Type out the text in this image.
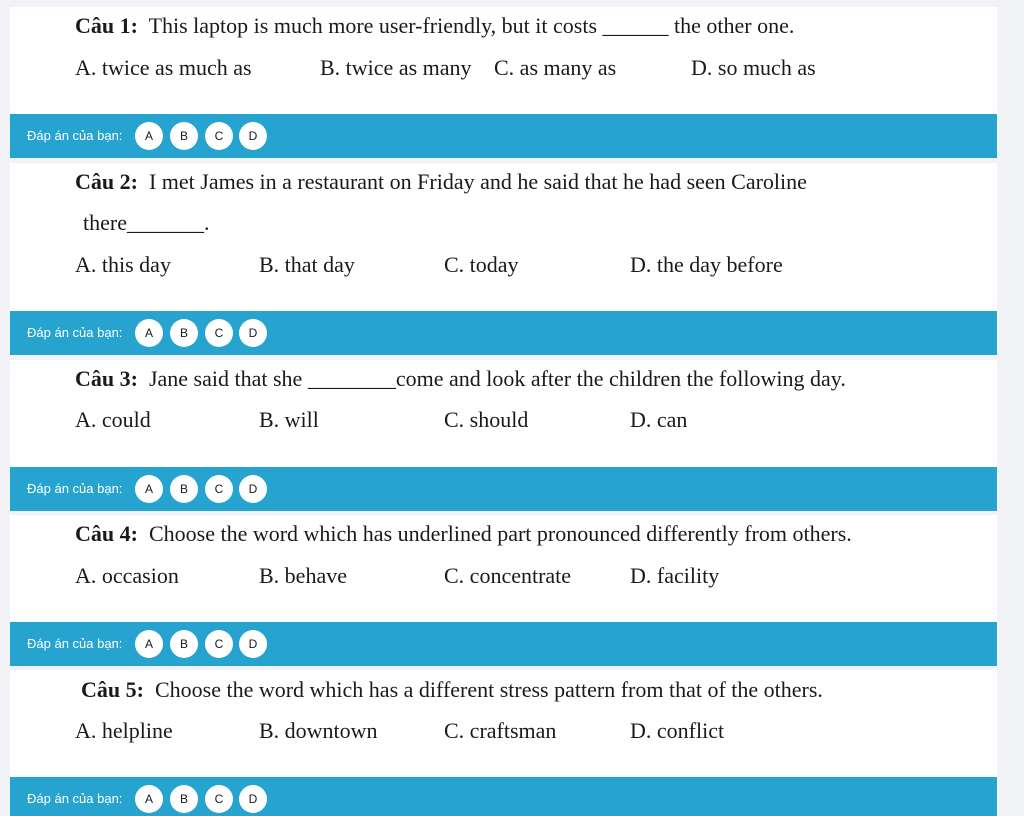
Câu 1: This laptop is much more user-friendly, but it costs ______ the other one.
A. twice as much as	B. twice as many C. as many as	D. so much as
Đáp án của bạn:	A	B	C	D
Câu 2: I met James in a restaurant on Friday and he said that he had seen Caroline
there_______.
A. this day	B. that day	C. today	D. the day before
Đáp án của bạn:	A	B	C	D
Câu 3: Jane said that she ________come and look after the children the following day.
A. could	B. will	C. should	D. can
Đáp án của bạn:	A	B	C	D
Câu 4: Choose the word which has underlined part pronounced differently from others.
A. occasion	B. behave	C. concentrate	D. facility
Đáp án của bạn:	A	B	C	D
Câu 5: Choose the word which has a different stress pattern from that of the others.
A. helpline	B. downtown	C. craftsman	D. conflict
Đáp án của bạn:	A	B	C	D
